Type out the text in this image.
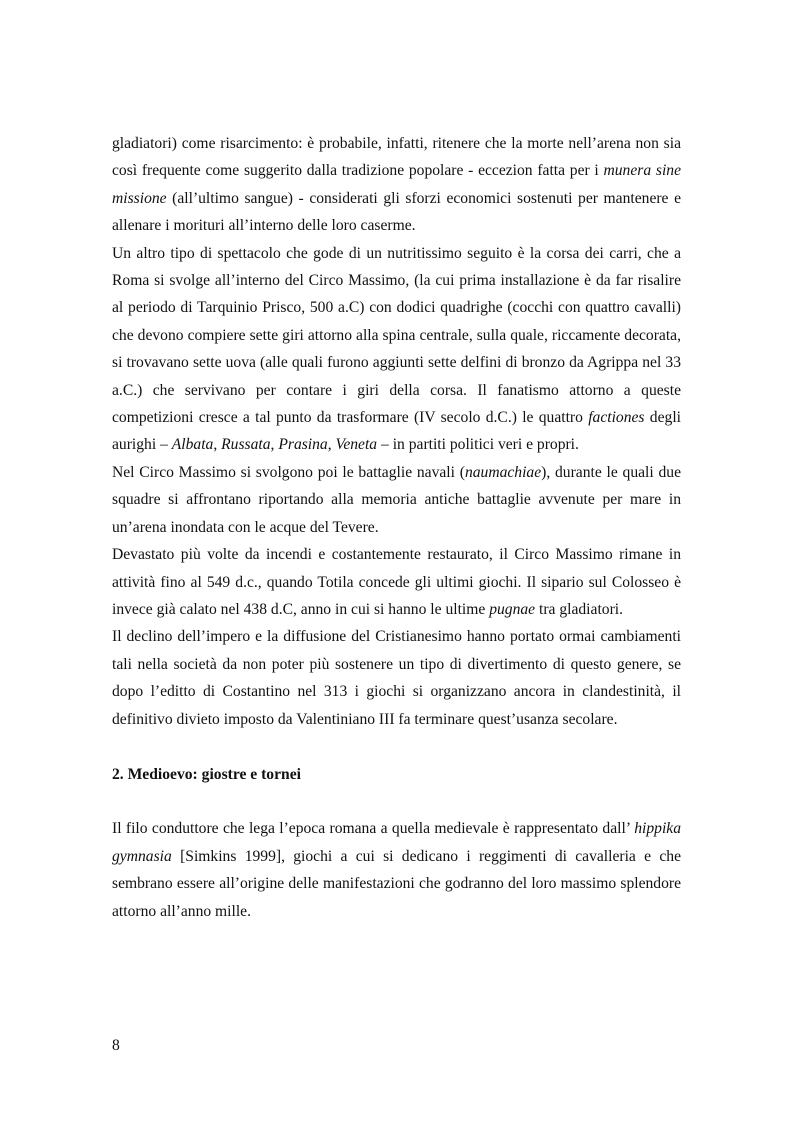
gladiatori) come risarcimento: è probabile, infatti, ritenere che la morte nell’arena non sia così frequente come suggerito dalla tradizione popolare - eccezion fatta per i munera sine missione (all’ultimo sangue) - considerati gli sforzi economici sostenuti per mantenere e allenare i morituri all’interno delle loro caserme.

Un altro tipo di spettacolo che gode di un nutritissimo seguito è la corsa dei carri, che a Roma si svolge all’interno del Circo Massimo, (la cui prima installazione è da far risalire al periodo di Tarquinio Prisco, 500 a.C) con dodici quadrighe (cocchi con quattro cavalli) che devono compiere sette giri attorno alla spina centrale, sulla quale, riccamente decorata, si trovavano sette uova (alle quali furono aggiunti sette delfini di bronzo da Agrippa nel 33 a.C.) che servivano per contare i giri della corsa. Il fanatismo attorno a queste competizioni cresce a tal punto da trasformare (IV secolo d.C.) le quattro factiones degli aurighi – Albata, Russata, Prasina, Veneta – in partiti politici veri e propri.

Nel Circo Massimo si svolgono poi le battaglie navali (naumachiae), durante le quali due squadre si affrontano riportando alla memoria antiche battaglie avvenute per mare in un’arena inondata con le acque del Tevere.

Devastato più volte da incendi e costantemente restaurato, il Circo Massimo rimane in attività fino al 549 d.c., quando Totila concede gli ultimi giochi. Il sipario sul Colosseo è invece già calato nel 438 d.C, anno in cui si hanno le ultime pugnae tra gladiatori.

Il declino dell’impero e la diffusione del Cristianesimo hanno portato ormai cambiamenti tali nella società da non poter più sostenere un tipo di divertimento di questo genere, se dopo l’editto di Costantino nel 313 i giochi si organizzano ancora in clandestinità, il definitivo divieto imposto da Valentiniano III fa terminare quest’usanza secolare.

2. Medioevo: giostre e tornei

Il filo conduttore che lega l’epoca romana a quella medievale è rappresentato dall’ hippika gymnasia [Simkins 1999], giochi a cui si dedicano i reggimenti di cavalleria e che sembrano essere all’origine delle manifestazioni che godranno del loro massimo splendore attorno all’anno mille.

8
